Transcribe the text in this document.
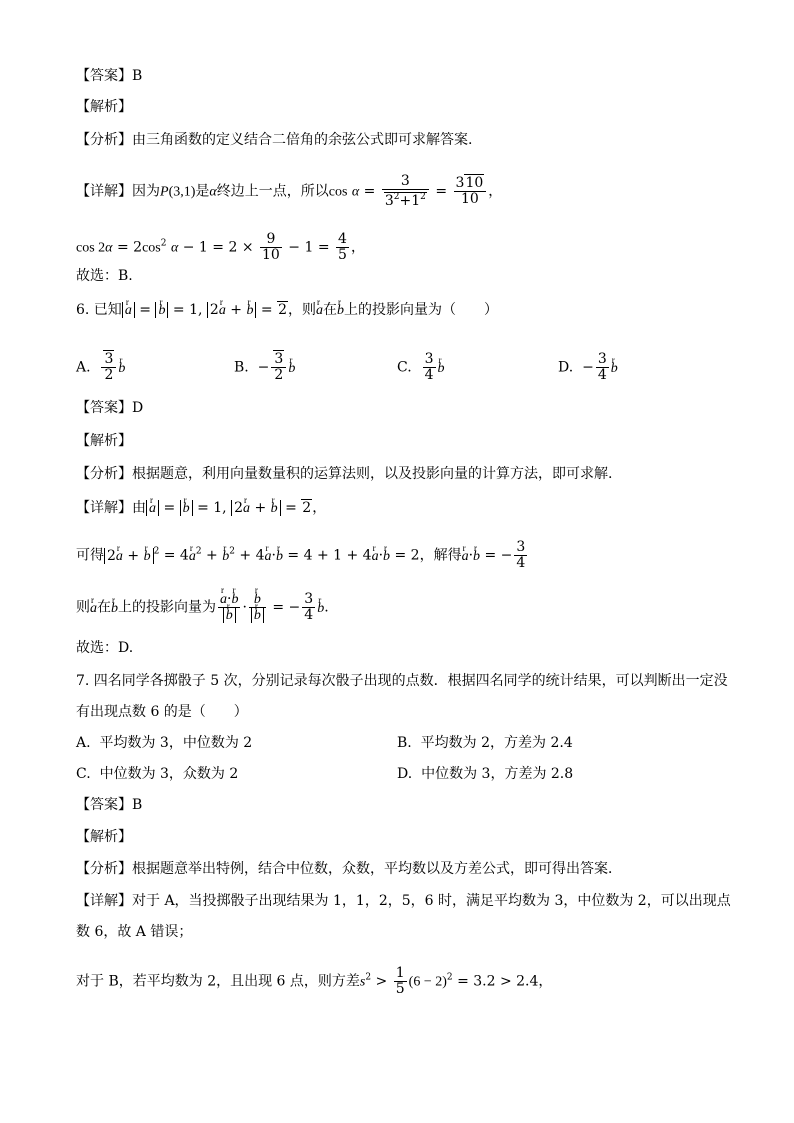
【答案】B
【解析】
【分析】由三角函数的定义结合二倍角的余弦公式即可求解答案.
【详解】因为P(3,1)是α终边上一点，所以$\cos \alpha = \frac{3}{3^2+1^2} = \frac{310}{10}$ ，
$\cos 2\alpha = 2\cos^2$ $\alpha - 1 = 2 \times \frac{9}{10} - 1 = \frac{4}{5}$ ，
故选：B.
6. 已知 r a = r b = 1, 2r a + r b = 2，则r a在r b上的投影向量为（　　）
A. $\frac{3}{2}$ r b	B.  − $\frac{3}{2}$ r b	C. $\frac{3}{4}$ r b	D.  − $\frac{3}{4}$ r b
【答案】D
【解析】
【分析】根据题意，利用向量数量积的运算法则，以及投影向量的计算方法，即可求解.
【详解】由 r a = r b = 1, 2r a + r b = 2，
可得 2r a + r b $^2$ = 4r $a^2 + r$ $b^2 + 4r$ a·r b = 4 + 1 + 4r a·r b = 2，解得r a·r b = − $\frac{3}{4}$
则r a在r b上的投影向量为 r a·r b
r b · r b
r b = − $\frac{3}{4}$ r b.
故选：D.
7. 四名同学各掷骰子 5 次，分别记录每次骰子出现的点数．根据四名同学的统计结果，可以判断出一定没
有出现点数 6 的是（　　）
A. 平均数为 3，中位数为 2	B. 平均数为 2，方差为 2.4
C. 中位数为 3，众数为 2	D. 中位数为 3，方差为 2.8
【答案】B
【解析】
【分析】根据题意举出特例，结合中位数，众数，平均数以及方差公式，即可得出答案．
【详解】对于 A，当投掷骰子出现结果为 1，1，2，5，6 时，满足平均数为 3，中位数为 2，可以出现点
数 6，故 A 错误；
对于 B，若平均数为 2，且出现 6 点，则方差$s^2 > \frac{1}{5} (6 - 2)^2 = 3.2 > 2.4$，
